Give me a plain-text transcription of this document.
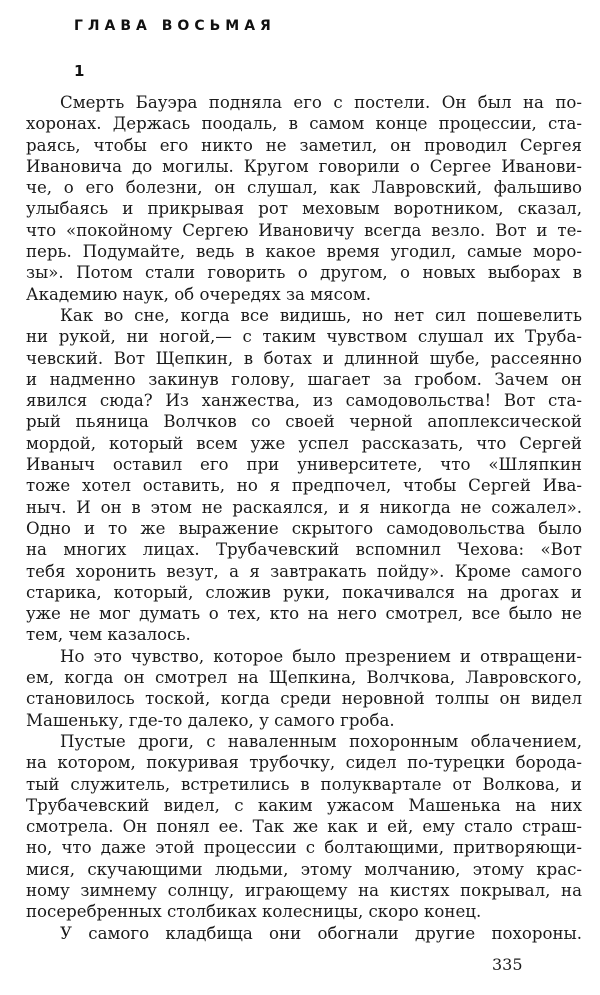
ГЛАВА ВОСЬМАЯ
1
Смерть Бауэра подняла его с постели. Он был на по-
хоронах. Держась поодаль, в самом конце процессии, ста-
раясь, чтобы его никто не заметил, он проводил Сергея
Ивановича до могилы. Кругом говорили о Сергее Иванови-
че, о его болезни, он слушал, как Лавровский, фальшиво
улыбаясь и прикрывая рот меховым воротником, сказал,
что «покойному Сергею Ивановичу всегда везло. Вот и те-
перь. Подумайте, ведь в какое время угодил, самые моро-
зы». Потом стали говорить о другом, о новых выборах в
Академию наук, об очередях за мясом.
Как во сне, когда все видишь, но нет сил пошевелить
ни рукой, ни ногой,— с таким чувством слушал их Труба-
чевский. Вот Щепкин, в ботах и длинной шубе, рассеянно
и надменно закинув голову, шагает за гробом. Зачем он
явился сюда? Из ханжества, из самодовольства! Вот ста-
рый пьяница Волчков со своей черной апоплексической
мордой, который всем уже успел рассказать, что Сергей
Иваныч оставил его при университете, что «Шляпкин
тоже хотел оставить, но я предпочел, чтобы Сергей Ива-
ныч. И он в этом не раскаялся, и я никогда не сожалел».
Одно и то же выражение скрытого самодовольства было
на многих лицах. Трубачевский вспомнил Чехова: «Вот
тебя хоронить везут, а я завтракать пойду». Кроме самого
старика, который, сложив руки, покачивался на дрогах и
уже не мог думать о тех, кто на него смотрел, все было не
тем, чем казалось.
Но это чувство, которое было презрением и отвращени-
ем, когда он смотрел на Щепкина, Волчкова, Лавровского,
становилось тоской, когда среди неровной толпы он видел
Машеньку, где-то далеко, у самого гроба.
Пустые дроги, с наваленным похоронным облачением,
на котором, покуривая трубочку, сидел по-турецки борода-
тый служитель, встретились в полуквартале от Волкова, и
Трубачевский видел, с каким ужасом Машенька на них
смотрела. Он понял ее. Так же как и ей, ему стало страш-
но, что даже этой процессии с болтающими, притворяющи-
мися, скучающими людьми, этому молчанию, этому крас-
ному зимнему солнцу, играющему на кистях покрывал, на
посеребренных столбиках колесницы, скоро конец.
У самого кладбища они обогнали другие похороны.
335
